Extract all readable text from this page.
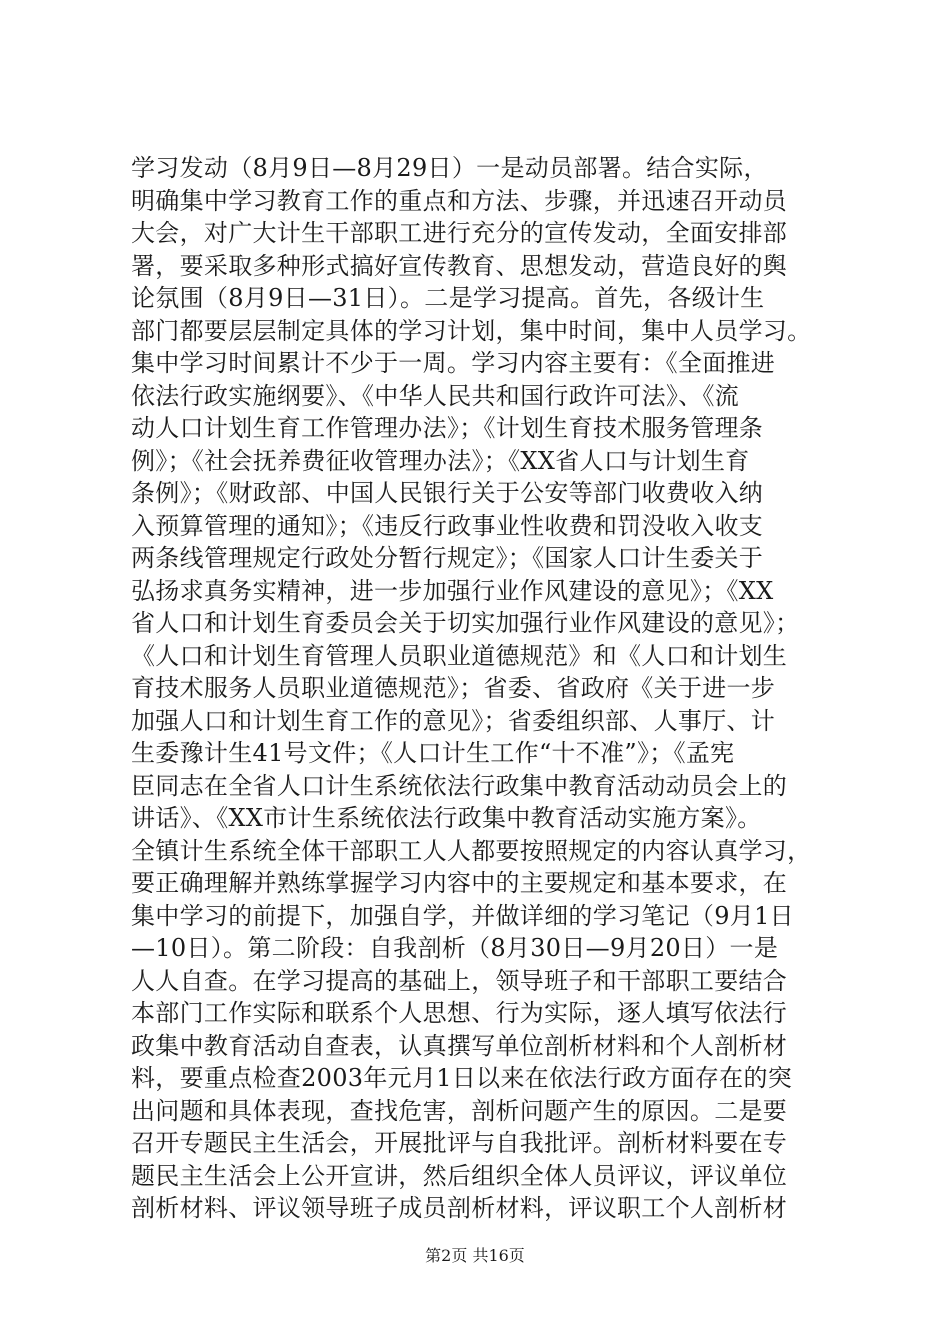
学习发动（8月9日—8月29日）一是动员部署。结合实际，
明确集中学习教育工作的重点和方法、步骤，并迅速召开动员
大会，对广大计生干部职工进行充分的宣传发动，全面安排部
署，要采取多种形式搞好宣传教育、思想发动，营造良好的舆
论氛围（8月9日—31日）。二是学习提高。首先，各级计生
部门都要层层制定具体的学习计划，集中时间，集中人员学习。
集中学习时间累计不少于一周。学习内容主要有：《全面推进
依法行政实施纲要》、《中华人民共和国行政许可法》、《流
动人口计划生育工作管理办法》；《计划生育技术服务管理条
例》；《社会抚养费征收管理办法》；《XX省人口与计划生育
条例》；《财政部、中国人民银行关于公安等部门收费收入纳
入预算管理的通知》；《违反行政事业性收费和罚没收入收支
两条线管理规定行政处分暂行规定》；《国家人口计生委关于
弘扬求真务实精神，进一步加强行业作风建设的意见》；《XX
省人口和计划生育委员会关于切实加强行业作风建设的意见》；
《人口和计划生育管理人员职业道德规范》和《人口和计划生
育技术服务人员职业道德规范》；省委、省政府《关于进一步
加强人口和计划生育工作的意见》；省委组织部、人事厅、计
生委豫计生41号文件；《人口计生工作“十不准”》；《孟宪
臣同志在全省人口计生系统依法行政集中教育活动动员会上的
讲话》、《XX市计生系统依法行政集中教育活动实施方案》。
全镇计生系统全体干部职工人人都要按照规定的内容认真学习，
要正确理解并熟练掌握学习内容中的主要规定和基本要求，在
集中学习的前提下，加强自学，并做详细的学习笔记（9月1日
—10日）。第二阶段：自我剖析（8月30日—9月20日）一是
人人自查。在学习提高的基础上，领导班子和干部职工要结合
本部门工作实际和联系个人思想、行为实际，逐人填写依法行
政集中教育活动自查表，认真撰写单位剖析材料和个人剖析材
料，要重点检查2003年元月1日以来在依法行政方面存在的突
出问题和具体表现，查找危害，剖析问题产生的原因。二是要
召开专题民主生活会，开展批评与自我批评。剖析材料要在专
题民主生活会上公开宣讲，然后组织全体人员评议，评议单位
剖析材料、评议领导班子成员剖析材料，评议职工个人剖析材
第2页 共16页
